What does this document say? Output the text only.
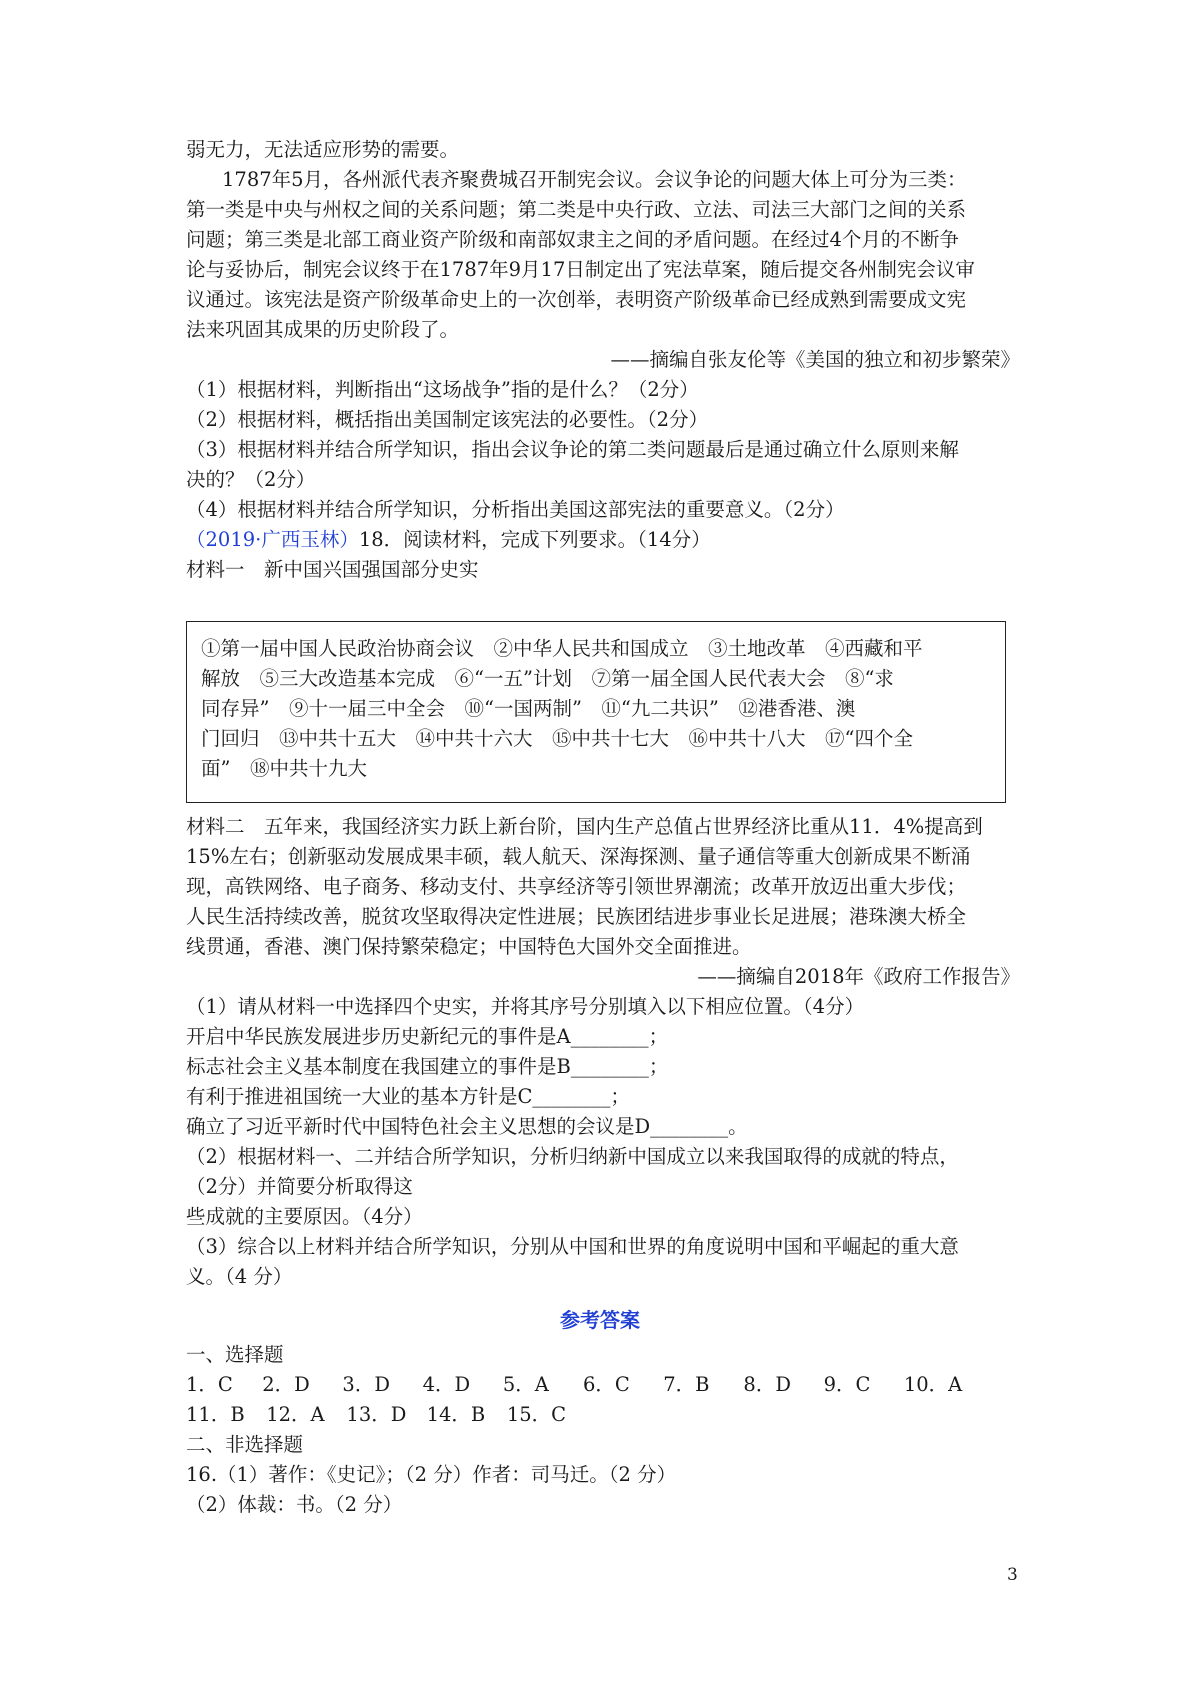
弱无力，无法适应形势的需要。
1787年5月，各州派代表齐聚费城召开制宪会议。会议争论的问题大体上可分为三类：
第一类是中央与州权之间的关系问题；第二类是中央行政、立法、司法三大部门之间的关系
问题；第三类是北部工商业资产阶级和南部奴隶主之间的矛盾问题。在经过4个月的不断争
论与妥协后，制宪会议终于在1787年9月17日制定出了宪法草案，随后提交各州制宪会议审
议通过。该宪法是资产阶级革命史上的一次创举，表明资产阶级革命已经成熟到需要成文宪
法来巩固其成果的历史阶段了。
——摘编自张友伦等《美国的独立和初步繁荣》
（1）根据材料，判断指出“这场战争”指的是什么？（2分）
（2）根据材料，概括指出美国制定该宪法的必要性。（2分）
（3）根据材料并结合所学知识，指出会议争论的第二类问题最后是通过确立什么原则来解
决的？（2分）
（4）根据材料并结合所学知识，分析指出美国这部宪法的重要意义。（2分）
（2019·广西玉林）18．阅读材料，完成下列要求。（14分）
材料一　新中国兴国强国部分史实
①第一届中国人民政治协商会议　②中华人民共和国成立　③土地改革　④西藏和平
解放　⑤三大改造基本完成　⑥“一五”计划　⑦第一届全国人民代表大会　⑧“求
同存异”　⑨十一届三中全会　⑩“一国两制”　⑪“九二共识”　⑫港香港、澳
门回归　⑬中共十五大　⑭中共十六大　⑮中共十七大　⑯中共十八大　⑰“四个全
面”　⑱中共十九大
材料二　五年来，我国经济实力跃上新台阶，国内生产总值占世界经济比重从11．4%提高到
15%左右；创新驱动发展成果丰硕，载人航天、深海探测、量子通信等重大创新成果不断涌
现，高铁网络、电子商务、移动支付、共享经济等引领世界潮流；改革开放迈出重大步伐；
人民生活持续改善，脱贫攻坚取得决定性进展；民族团结进步事业长足进展；港珠澳大桥全
线贯通，香港、澳门保持繁荣稳定；中国特色大国外交全面推进。
——摘编自2018年《政府工作报告》
（1）请从材料一中选择四个史实，并将其序号分别填入以下相应位置。（4分）
开启中华民族发展进步历史新纪元的事件是A________；
标志社会主义基本制度在我国建立的事件是B________；
有利于推进祖国统一大业的基本方针是C________；
确立了习近平新时代中国特色社会主义思想的会议是D________。
（2）根据材料一、二并结合所学知识，分析归纳新中国成立以来我国取得的成就的特点，
（2分）并简要分析取得这
些成就的主要原因。（4分）
（3）综合以上材料并结合所学知识，分别从中国和世界的角度说明中国和平崛起的重大意
义。（4 分）
参考答案
一、选择题
1．C 2．D 3．D 4．D 5．A 6．C 7．B 8．D 9．C 10．A
11．B 12．A 13．D 14．B 15．C
二、非选择题
16.（1）著作：《史记》；（2 分）作者：司马迁。（2 分）
（2）体裁：书。（2 分）
3
